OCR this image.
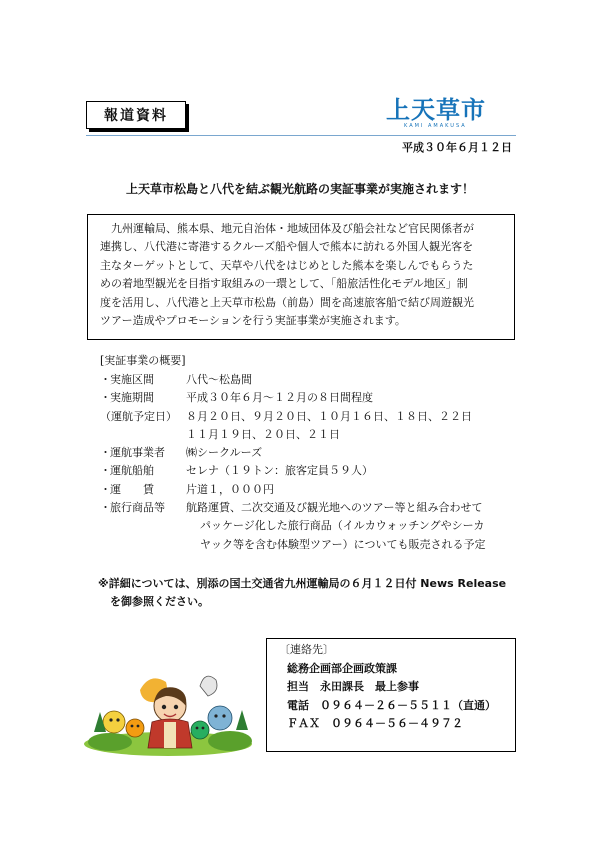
報道資料	上天草市
KAMI AMAKUSA
平成３０年６月１２日
上天草市松島と八代を結ぶ観光航路の実証事業が実施されます！
九州運輸局、熊本県、地元自治体・地域団体及び船会社など官民関係者が
連携し、八代港に寄港するクルーズ船や個人で熊本に訪れる外国人観光客を
主なターゲットとして、天草や八代をはじめとした熊本を楽しんでもらうた
めの着地型観光を目指す取組みの一環として、「船旅活性化モデル地区」制
度を活用し、八代港と上天草市松島（前島）間を高速旅客船で結び周遊観光
ツアー造成やプロモーションを行う実証事業が実施されます。
[実証事業の概要]
・ 実施区間	八代～松島間
・ 実施期間	平成３０年６月～１２月の８日間程度
（運航予定日） ８月２０日、９月２０日、１０月１６日、１８日、２２日
１１月１９日、２０日、２１日
・ 運航事業者	㈱シークルーズ
・ 運航船舶	セレナ（１９トン：旅客定員５９人）
・ 運　　賃	片道１，０００円
・ 旅行商品等	航路運賃、二次交通及び観光地へのツアー等と組み合わせて
パッケージ化した旅行商品（イルカウォッチングやシーカ
ヤック等を含む体験型ツアー）についても販売される予定
※詳細については、別添の国土交通省九州運輸局の６月１２日付 News Release
を御参照ください。
〔連絡先〕
総務企画部企画政策課
担当　永田課長　最上参事
電話　０９６４－２６－５５１１（直通）
ＦＡＸ　０９６４－５６－４９７２
